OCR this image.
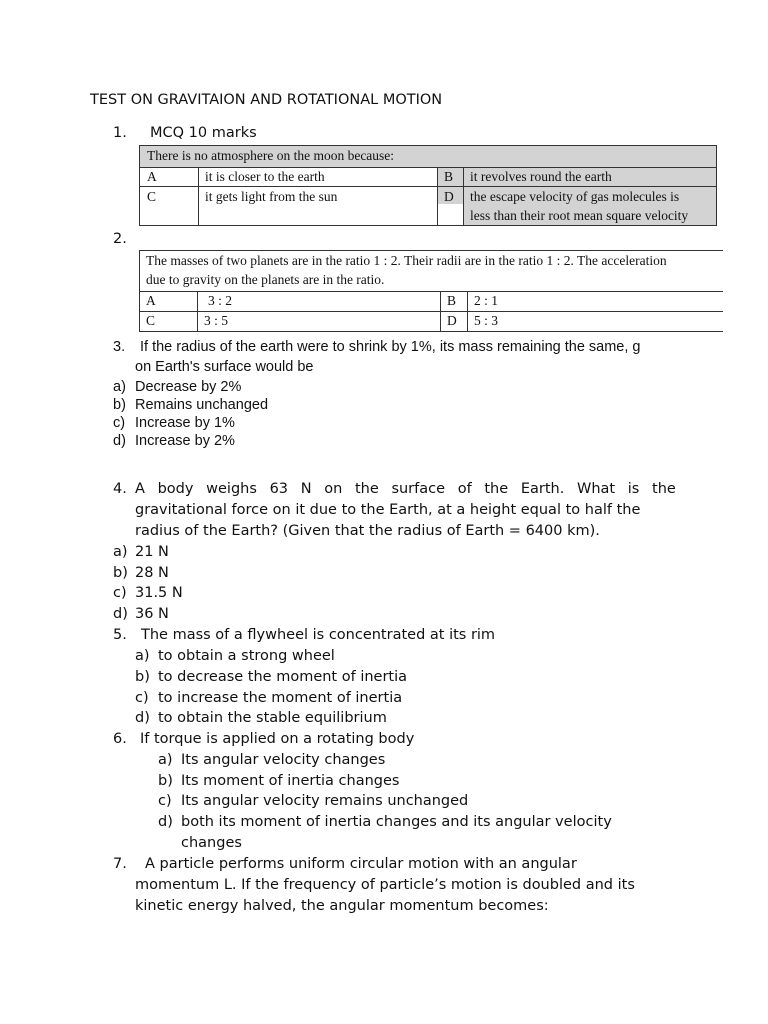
TEST ON GRAVITAION AND ROTATIONAL MOTION
1. MCQ 10 marks
There is no atmosphere on the moon because:
A	it is closer to the earth	B it revolves round the earth
C	it gets light from the sun	D the escape velocity of gas molecules is
less than their root mean square velocity
2.
The masses of two planets are in the ratio 1 : 2. Their radii are in the ratio 1 : 2. The acceleration
due to gravity on the planets are in the ratio.
A	3 : 2	B 2 : 1
C	3 : 5	D 5 : 3
3. If the radius of the earth were to shrink by 1%, its mass remaining the same, g
on Earth's surface would be
a) Decrease by 2%
b) Remains unchanged
c) Increase by 1%
d) Increase by 2%
4. A body weighs 63 N on the surface of the Earth. What is the
gravitational force on it due to the Earth, at a height equal to half the
radius of the Earth? (Given that the radius of Earth = 6400 km).
a) 21 N
b) 28 N
c) 31.5 N
d) 36 N
5. The mass of a flywheel is concentrated at its rim
a) to obtain a strong wheel
b) to decrease the moment of inertia
c) to increase the moment of inertia
d) to obtain the stable equilibrium
6. If torque is applied on a rotating body
a) Its angular velocity changes
b) Its moment of inertia changes
c) Its angular velocity remains unchanged
d) both its moment of inertia changes and its angular velocity
changes
7. A particle performs uniform circular motion with an angular
momentum L. If the frequency of particle’s motion is doubled and its
kinetic energy halved, the angular momentum becomes:
